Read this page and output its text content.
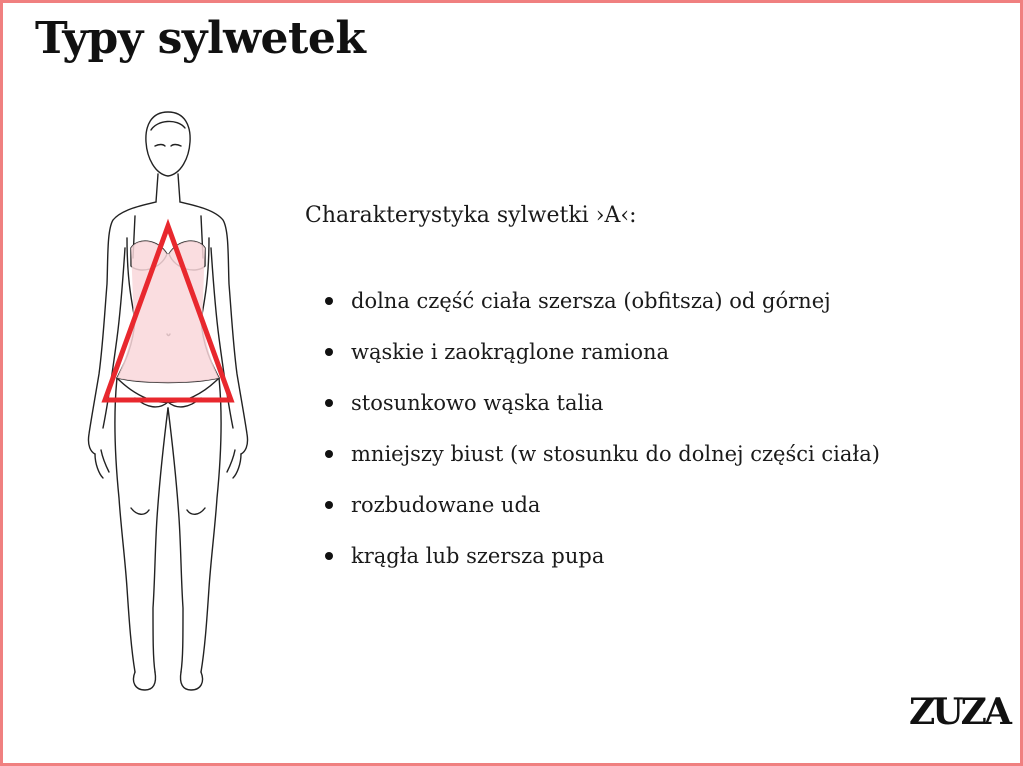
Typy sylwetek

Charakterystyka sylwetki ›A‹:

dolna część ciała szersza (obfitsza) od górnej
wąskie i zaokrąglone ramiona
stosunkowo wąska talia
mniejszy biust (w stosunku do dolnej części ciała)
rozbudowane uda
krągła lub szersza pupa
ZUZA
